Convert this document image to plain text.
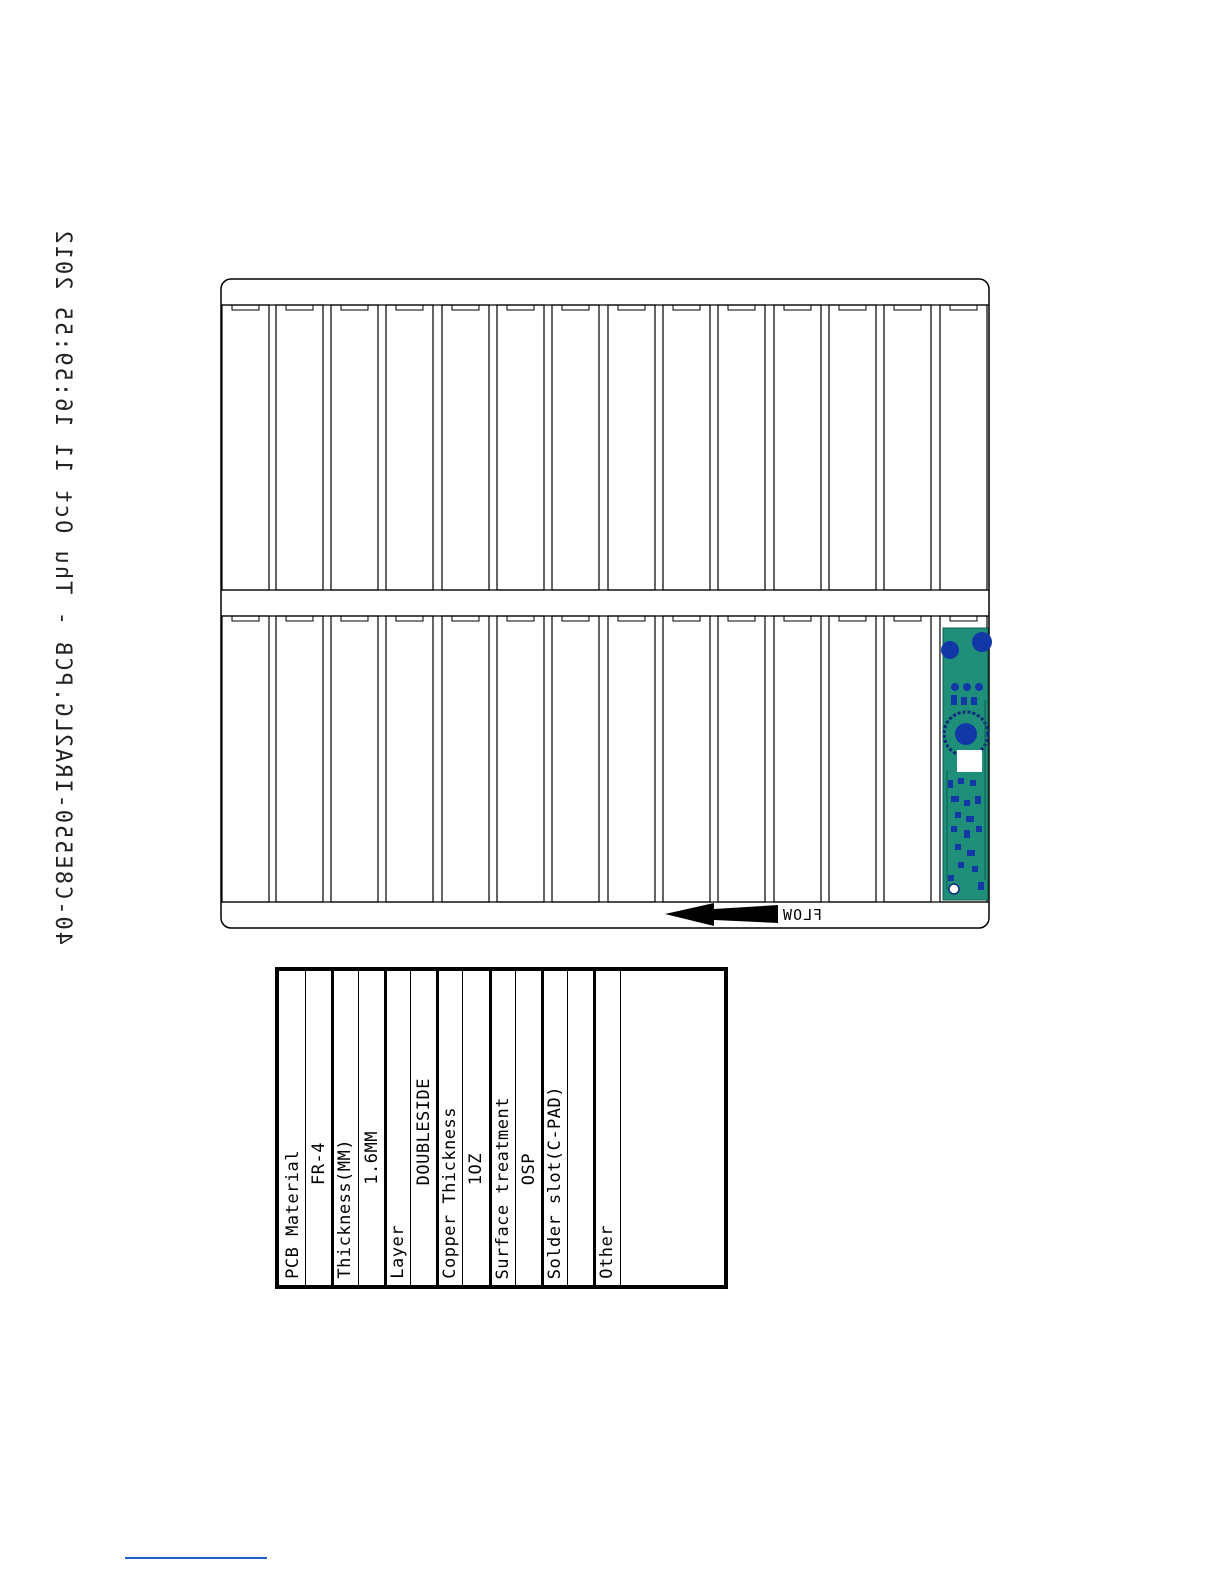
40-C8E550-IRA2LG.PCB - Thu Oct 11 16:59:55 2012	FLOW
PCB Material FR-4 Thickness(MM) 1.6MM
Layer
DOUBLESIDE Copper Thickness 1OZ Surface treatment OSP Solder slot(C-PAD) Other
